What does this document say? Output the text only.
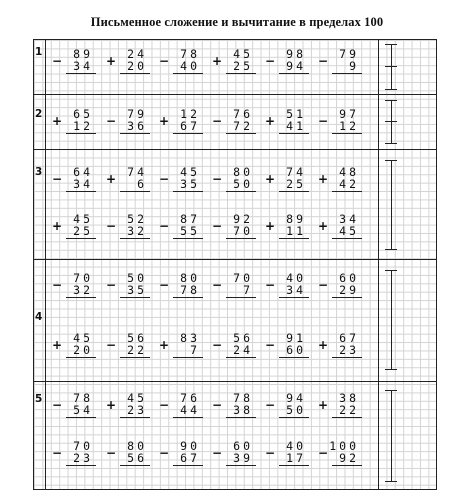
Письменное сложение и вычитание в пределах 100
1
2
3
4
5
− 89
34 + 24
20 − 78
40 + 45
25 − 98
94 − 79
9
+ 65
12 − 79
36 + 12
67 − 76
72 + 51
41 − 97
12
− 64
34 + 74
6 − 45
35 − 80
50 + 74
25 + 48
42
+ 45
25 − 52
32 − 87
55 − 92
70 + 89
11 + 34
45
− 70
32 − 50
35 − 80
78 − 70
7 − 40
34 − 60
29
+ 45
20 − 56
22 + 83
7 − 56
24 − 91
60 + 67
23
− 78
54 + 45
23 − 76
44 − 78
38 − 94
50 + 38
22
− 70
23 − 80
56 − 90
67 − 60
39 − 40
17 − 100
92
